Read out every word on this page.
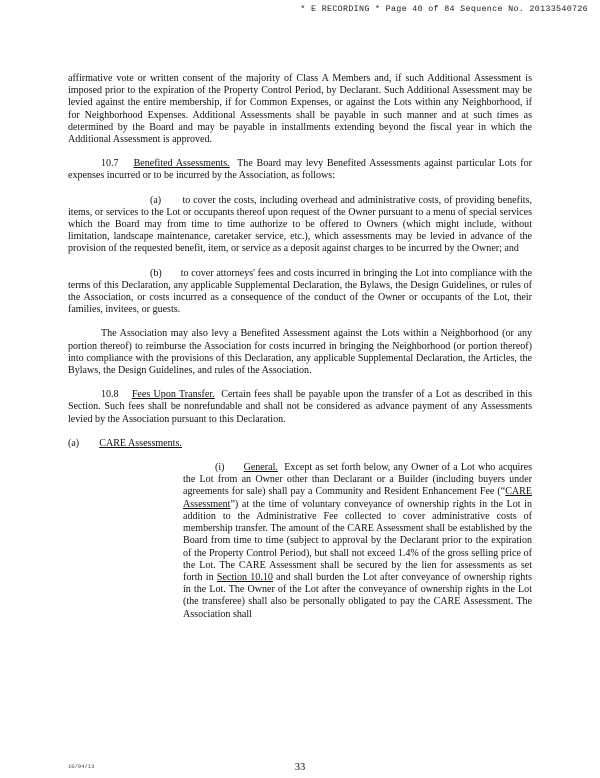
* E RECORDING * Page 40 of 84 Sequence No. 20133540726

affirmative vote or written consent of the majority of Class A Members and, if such Additional Assessment is imposed prior to the expiration of the Property Control Period, by Declarant. Such Additional Assessment may be levied against the entire membership, if for Common Expenses, or against the Lots within any Neighborhood, if for Neighborhood Expenses. Additional Assessments shall be payable in such manner and at such times as determined by the Board and may be payable in installments extending beyond the fiscal year in which the Additional Assessment is approved.

10.7 Benefited Assessments. The Board may levy Benefited Assessments against particular Lots for expenses incurred or to be incurred by the Association, as follows:

(a) to cover the costs, including overhead and administrative costs, of providing benefits, items, or services to the Lot or occupants thereof upon request of the Owner pursuant to a menu of special services which the Board may from time to time authorize to be offered to Owners (which might include, without limitation, landscape maintenance, caretaker service, etc.), which assessments may be levied in advance of the provision of the requested benefit, item, or service as a deposit against charges to be incurred by the Owner; and

(b) to cover attorneys' fees and costs incurred in bringing the Lot into compliance with the terms of this Declaration, any applicable Supplemental Declaration, the Bylaws, the Design Guidelines, or rules of the Association, or costs incurred as a consequence of the conduct of the Owner or occupants of the Lot, their families, invitees, or guests.

The Association may also levy a Benefited Assessment against the Lots within a Neighborhood (or any portion thereof) to reimburse the Association for costs incurred in bringing the Neighborhood (or portion thereof) into compliance with the provisions of this Declaration, any applicable Supplemental Declaration, the Articles, the Bylaws, the Design Guidelines, and rules of the Association.

10.8 Fees Upon Transfer. Certain fees shall be payable upon the transfer of a Lot as described in this Section. Such fees shall be nonrefundable and shall not be considered as advance payment of any Assessments levied by the Association pursuant to this Declaration.

(a) CARE Assessments.

(i) General. Except as set forth below, any Owner of a Lot who acquires the Lot from an Owner other than Declarant or a Builder (including buyers under agreements for sale) shall pay a Community and Resident Enhancement Fee (“CARE Assessment”) at the time of voluntary conveyance of ownership rights in the Lot in addition to the Administrative Fee collected to cover administrative costs of membership transfer. The amount of the CARE Assessment shall be established by the Board from time to time (subject to approval by the Declarant prior to the expiration of the Property Control Period), but shall not exceed 1.4% of the gross selling price of the Lot. The CARE Assessment shall be secured by the lien for assessments as set forth in Section 10.10 and shall burden the Lot after conveyance of ownership rights in the Lot. The Owner of the Lot after the conveyance of ownership rights in the Lot (the transferee) shall also be personally obligated to pay the CARE Assessment. The Association shall

10/04/13	33
